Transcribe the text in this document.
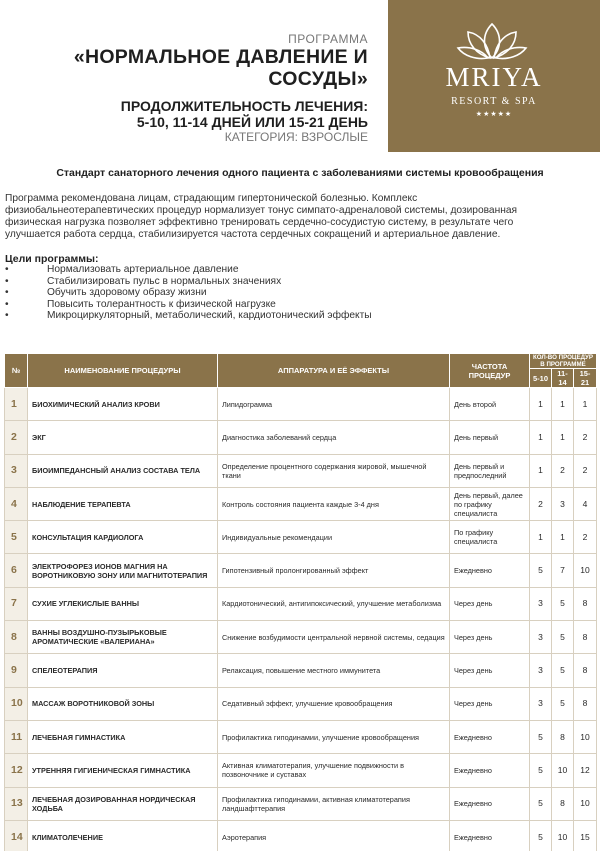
ПРОГРАММА
«НОРМАЛЬНОЕ ДАВЛЕНИЕ И
СОСУДЫ»
ПРОДОЛЖИТЕЛЬНОСТЬ ЛЕЧЕНИЯ:
5-10, 11-14 ДНЕЙ ИЛИ 15-21 ДЕНЬ
КАТЕГОРИЯ: ВЗРОСЛЫЕ
MRIYA
RESORT & SPA
★★★★★
Стандарт санаторного лечения одного пациента с заболеваниями системы кровообращения
Программа рекомендована лицам, страдающим гипертонической болезнью. Комплекс
физиобальнеотерапевтических процедур нормализует тонус симпато-адреналовой системы, дозированная
физическая нагрузка позволяет эффективно тренировать сердечно-сосудистую систему, в результате чего
улучшается работа сердца, стабилизируется частота сердечных сокращений и артериальное давление.
Цели программы:
•	Нормализовать артериальное давление
•	Стабилизировать пульс в нормальных значениях
•	Обучить здоровому образу жизни
•	Повысить толерантность к физической нагрузке
•	Микроциркуляторный, метаболический, кардиотонический эффекты
№	НАИМЕНОВАНИЕ ПРОЦЕДУРЫ	АППАРАТУРА И ЕЁ ЭФФЕКТЫ	ЧАСТОТА ПРОЦЕДУР	КОЛ-ВО ПРОЦЕДУР В ПРОГРАММЕ		
				5-10	11-14	15-21
1	БИОХИМИЧЕСКИЙ АНАЛИЗ КРОВИ	Липидограмма	День второй	1	1	1
2	ЭКГ	Диагностика заболеваний сердца	День первый	1	1	2
3	БИОИМПЕДАНСНЫЙ АНАЛИЗ СОСТАВА ТЕЛА	Определение процентного содержания жировой, мышечной ткани	День первый и предпоследний	1	2	2
4	НАБЛЮДЕНИЕ ТЕРАПЕВТА	Контроль состояния пациента каждые 3-4 дня	День первый, далее по графику специалиста	2	3	4
5	КОНСУЛЬТАЦИЯ КАРДИОЛОГА	Индивидуальные рекомендации	По графику специалиста	1	1	2
6	ЭЛЕКТРОФОРЕЗ ИОНОВ МАГНИЯ НА ВОРОТНИКОВУЮ ЗОНУ ИЛИ МАГНИТОТЕРАПИЯ	Гипотензивный пролонгированный эффект	Ежедневно	5	7	10
7	СУХИЕ УГЛЕКИСЛЫЕ ВАННЫ	Кардиотонический, антигипоксический, улучшение метаболизма	Через день	3	5	8
8	ВАННЫ ВОЗДУШНО-ПУЗЫРЬКОВЫЕ АРОМАТИЧЕСКИЕ «ВАЛЕРИАНА»	Снижение возбудимости центральной нервной системы, седация	Через день	3	5	8
9	СПЕЛЕОТЕРАПИЯ	Релаксация, повышение местного иммунитета	Через день	3	5	8
10	МАССАЖ ВОРОТНИКОВОЙ ЗОНЫ	Седативный эффект, улучшение кровообращения	Через день	3	5	8
11	ЛЕЧЕБНАЯ ГИМНАСТИКА	Профилактика гиподинамии, улучшение кровообращения	Ежедневно	5	8	10
12	УТРЕННЯЯ ГИГИЕНИЧЕСКАЯ ГИМНАСТИКА	Активная климатотерапия, улучшение подвижности в позвоночнике и суставах	Ежедневно	5	10	12
13	ЛЕЧЕБНАЯ ДОЗИРОВАННАЯ НОРДИЧЕСКАЯ ХОДЬБА	Профилактика гиподинамии, активная климатотерапия ландшафттерапия	Ежедневно	5	8	10
14	КЛИМАТОЛЕЧЕНИЕ	Аэротерапия	Ежедневно	5	10	15
